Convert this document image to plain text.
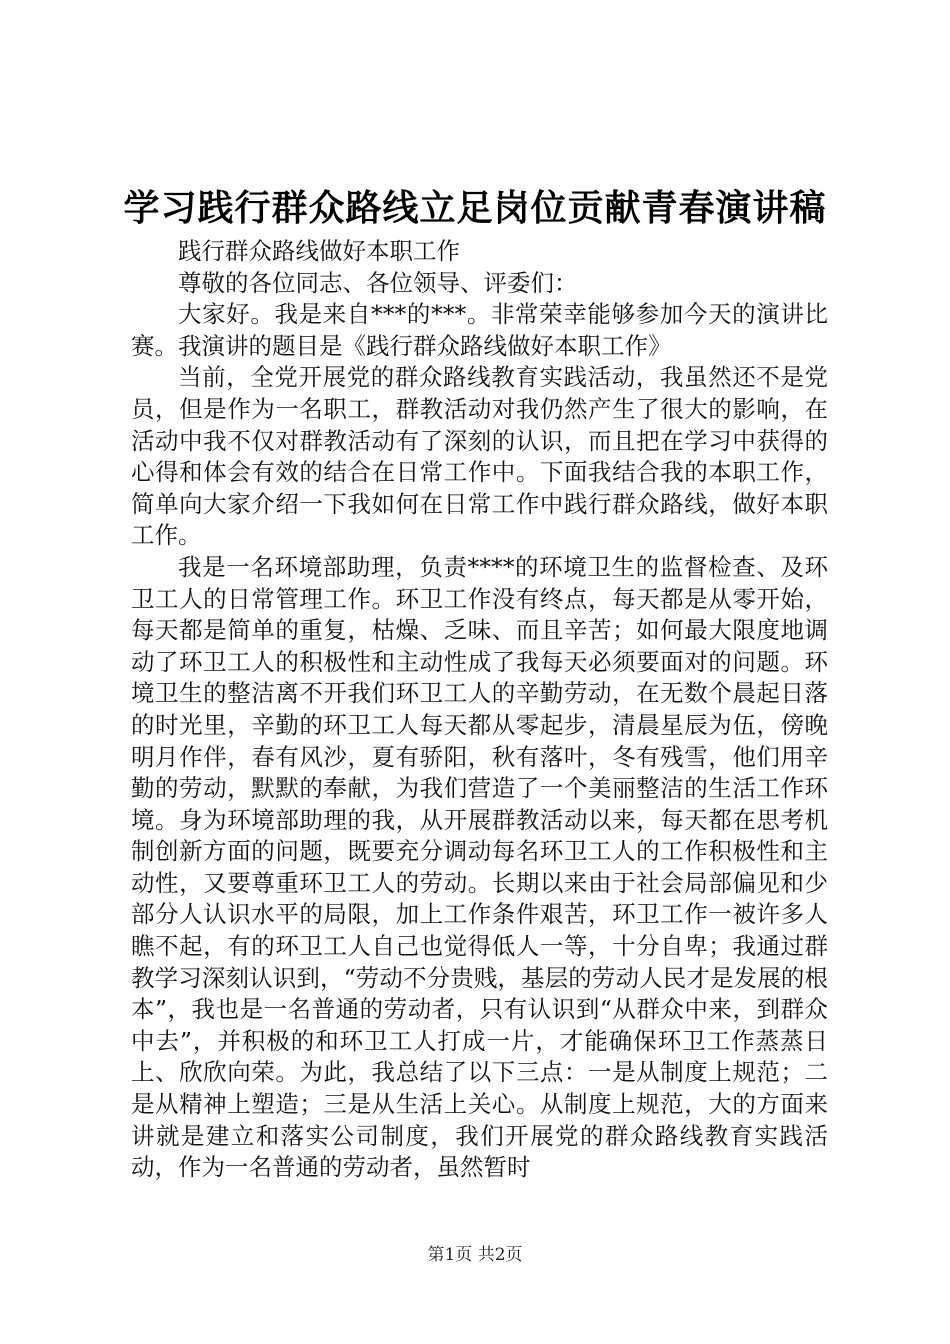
学习践行群众路线立足岗位贡献青春演讲稿

践行群众路线做好本职工作

尊敬的各位同志、各位领导、评委们：

大家好。我是来自***的***。非常荣幸能够参加今天的演讲比赛。我演讲的题目是《践行群众路线做好本职工作》

当前，全党开展党的群众路线教育实践活动，我虽然还不是党员，但是作为一名职工，群教活动对我仍然产生了很大的影响，在活动中我不仅对群教活动有了深刻的认识，而且把在学习中获得的心得和体会有效的结合在日常工作中。下面我结合我的本职工作，简单向大家介绍一下我如何在日常工作中践行群众路线，做好本职工作。

我是一名环境部助理，负责****的环境卫生的监督检查、及环卫工人的日常管理工作。环卫工作没有终点，每天都是从零开始，每天都是简单的重复，枯燥、乏味、而且辛苦；如何最大限度地调动了环卫工人的积极性和主动性成了我每天必须要面对的问题。环境卫生的整洁离不开我们环卫工人的辛勤劳动，在无数个晨起日落的时光里，辛勤的环卫工人每天都从零起步，清晨星辰为伍，傍晚明月作伴，春有风沙，夏有骄阳，秋有落叶，冬有残雪，他们用辛勤的劳动，默默的奉献，为我们营造了一个美丽整洁的生活工作环境。身为环境部助理的我，从开展群教活动以来，每天都在思考机制创新方面的问题，既要充分调动每名环卫工人的工作积极性和主动性，又要尊重环卫工人的劳动。长期以来由于社会局部偏见和少部分人认识水平的局限，加上工作条件艰苦，环卫工作一被许多人瞧不起，有的环卫工人自己也觉得低人一等，十分自卑；我通过群教学习深刻认识到，“劳动不分贵贱，基层的劳动人民才是发展的根本”，我也是一名普通的劳动者，只有认识到“从群众中来，到群众中去”，并积极的和环卫工人打成一片，才能确保环卫工作蒸蒸日上、欣欣向荣。为此，我总结了以下三点：一是从制度上规范；二是从精神上塑造；三是从生活上关心。从制度上规范，大的方面来讲就是建立和落实公司制度，我们开展党的群众路线教育实践活动，作为一名普通的劳动者，虽然暂时

第1页 共2页
